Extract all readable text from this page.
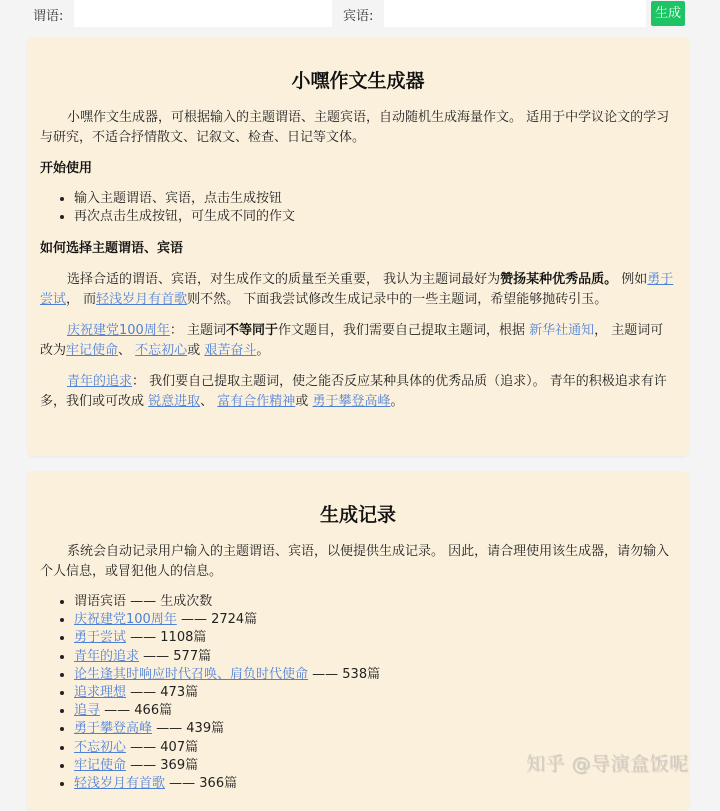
谓语:	宾语:	生成
小嘿作文生成器

小嘿作文生成器，可根据输入的主题谓语、主题宾语，自动随机生成海量作文。 适用于中学议论文的学习与研究，不适合抒情散文、记叙文、检查、日记等文体。

开始使用
• 输入主题谓语、宾语，点击生成按钮
• 再次点击生成按钮，可生成不同的作文
如何选择主题谓语、宾语

选择合适的谓语、宾语，对生成作文的质量至关重要， 我认为主题词最好为赞扬某种优秀品质。 例如勇于尝试， 而轻浅岁月有首歌则不然。 下面我尝试修改生成记录中的一些主题词，希望能够抛砖引玉。

庆祝建党100周年： 主题词不等同于作文题目，我们需要自己提取主题词，根据 新华社通知， 主题词可改为牢记使命、 不忘初心或 艰苦奋斗。

青年的追求： 我们要自己提取主题词，使之能否反应某种具体的优秀品质（追求）。 青年的积极追求有许多，我们或可改成 锐意进取、 富有合作精神或 勇于攀登高峰。

生成记录

系统会自动记录用户输入的主题谓语、宾语，以便提供生成记录。 因此，请合理使用该生成器，请勿输入个人信息，或冒犯他人的信息。

• 谓语宾语 —— 生成次数
• 庆祝建党100周年 —— 2724篇
• 勇于尝试 —— 1108篇
• 青年的追求 —— 577篇
• 论生逢其时响应时代召唤、肩负时代使命 —— 538篇
• 追求理想 —— 473篇
• 追寻 —— 466篇
• 勇于攀登高峰 —— 439篇
• 不忘初心 —— 407篇
• 牢记使命 —— 369篇
• 轻浅岁月有首歌 —— 366篇
知乎 @导演盒饭呢
